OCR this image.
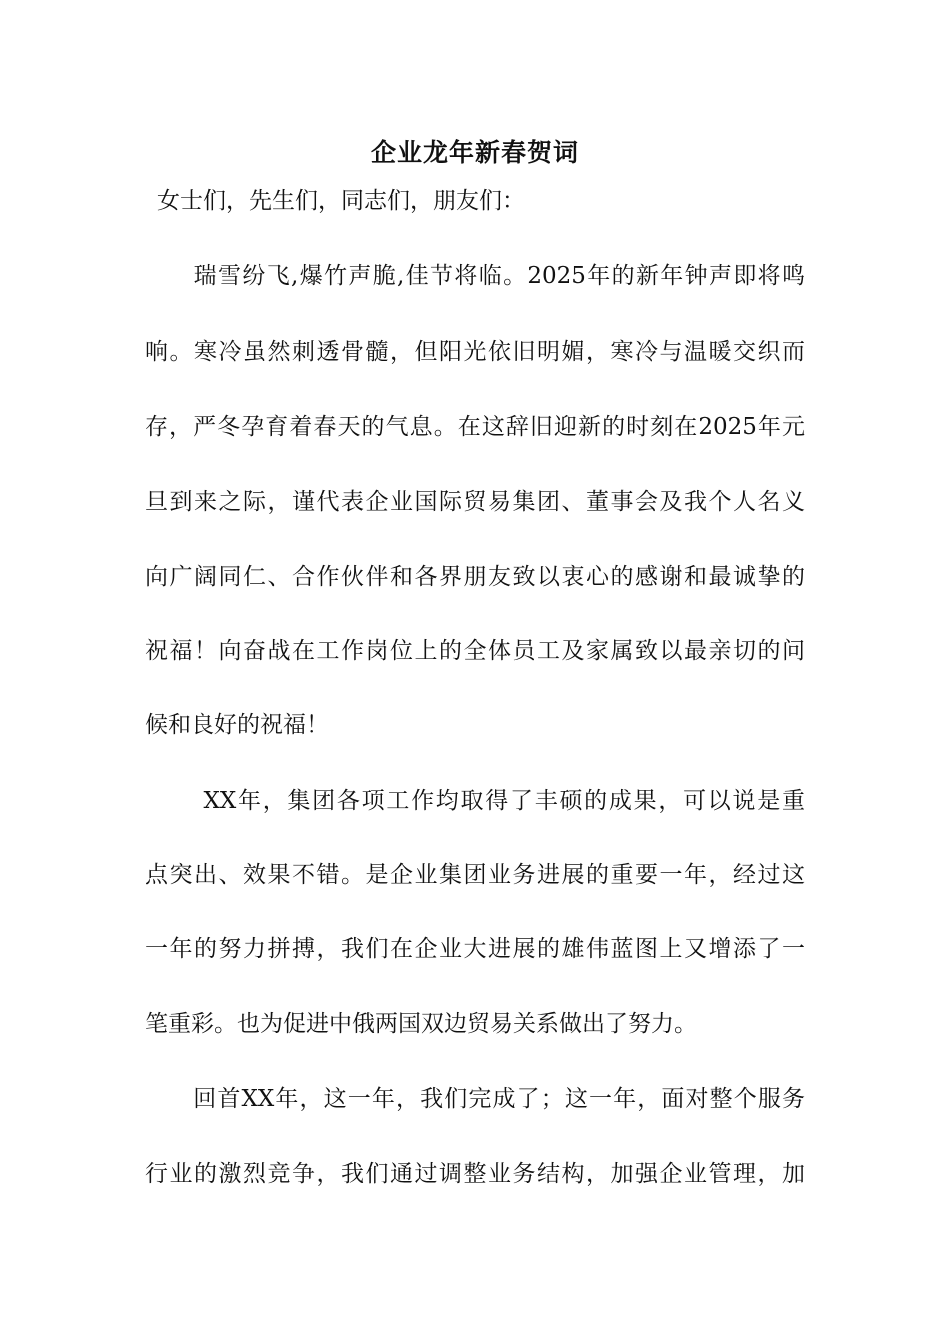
企业龙年新春贺词
女士们，先生们，同志们，朋友们：
　　瑞雪纷飞,爆竹声脆,佳节将临。2025年的新年钟声即将鸣
响。寒冷虽然刺透骨髓，但阳光依旧明媚，寒冷与温暖交织而
存，严冬孕育着春天的气息。在这辞旧迎新的时刻在2025年元
旦到来之际，谨代表企业国际贸易集团、董事会及我个人名义
向广阔同仁、合作伙伴和各界朋友致以衷心的感谢和最诚挚的
祝福！向奋战在工作岗位上的全体员工及家属致以最亲切的问
候和良好的祝福！
　　 XX年，集团各项工作均取得了丰硕的成果，可以说是重
点突出、效果不错。是企业集团业务进展的重要一年，经过这
一年的努力拼搏，我们在企业大进展的雄伟蓝图上又增添了一
笔重彩。也为促进中俄两国双边贸易关系做出了努力。
　　回首XX年，这一年，我们完成了；这一年，面对整个服务
行业的激烈竞争，我们通过调整业务结构，加强企业管理，加
